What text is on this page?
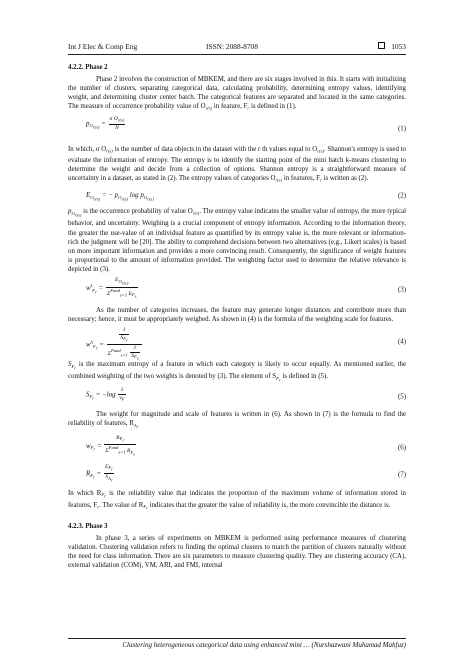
Int J Elec & Comp Eng	ISSN: 2088-8708	1053
4.2.2. Phase 2

Phase 2 involves the construction of MBKEM, and there are six stages involved in this. It starts with initializing the number of clusters, separating categorical data, calculating probability, determining entropy values, identifying weight, and determining cluster center batch. The categorical features are separated and located in the same categories. The measure of occurrence probability value of $O_{r(s)}$ in feature, $F_r$ is defined in (1).

$p_{O_{r(s)}} = \frac{\sigma O_{r(s)}}{N}$	(1)

In which, σ $O_{r(s)}$ is the number of data objects in the dataset with the r th values equal to $O_{r(s)}$. Shannon's entropy is used to evaluate the information of entropy. The entropy is to identify the starting point of the mini batch k-means clustering to determine the weight and decide from a collection of options. Shannon entropy is a straightforward measure of uncertainty in a dataset, as stated in (2). The entropy values of categories $O_{r(s)}$ in features, $F_r$ is written as (2).

$E_{O_{r(s)}}$ = − $p_{O_{r(s)}}$ $\log p_{O_{r(s)}}$	(2)

$p_{O_{r(s)}}$ is the occurrence probability of value $O_{r(s)}$. The entropy value indicates the smaller value of entropy, the more typical behavior, and uncertainty. Weighing is a crucial component of entropy information. According to the information theory, the greater the use-value of an individual feature as quantified by its entropy value is, the more relevant or information-rich the judgment will be [20]. The ability to comprehend decisions between two alternatives (e.g., Likert scales) is based on more important information and provides a more convincing result. Consequently, the significance of weight features is proportional to the amount of information provided. The weighting factor used to determine the relative relevance is depicted in (3).

$w^I_{F_r} = \frac{E_{O_{r(s)}}}{\Sigma^{Fand}_{s=1} E_{F_s}}$	(3)

As the number of categories increases, the feature may generate longer distances and contribute more than necessary; hence, it must be appropriately weighed. As shown in (4) is the formula of the weighting scale for features.

$w^S_{F_r} = \frac{\frac{1}{S_{F_r}}}{\Sigma^{Fand}_{s=1} \frac{1}{S_{F_s}}}$	(4)

$S_{F_r}$ is the maximum entropy of a feature in which each category is likely to occur equally. As mentioned earlier, the combined weighting of the two weights is denoted by (3). The element of $S_{F_r}$ is defined in (5).

$S_{F_r} = -\log \frac{1}{v_F}$	(5)

The weight for magnitude and scale of features is written in (6). As shown in (7) is the formula to find the reliability of features, $R_{A_r}$

$w_{F_r} = \frac{R_{F_r}}{\Sigma^{Fand}_{s=1} R_{F_s}}$	(6)
$R_{F_r} = \frac{E_{F_r}}{S_{A_r}}$	(7)

In which $R_{F_r}$ is the reliability value that indicates the proportion of the maximum volume of information stored in features, $F_r$. The value of $R_{F_r}$ indicates that the greater the value of reliability is, the more convincible the distance is.

4.2.3. Phase 3

In phase 3, a series of experiments on MBKEM is performed using performance measures of clustering validation. Clustering validation refers to finding the optimal clusters to match the partition of clusters naturally without the need for class information. There are six parameters to measure clustering quality. They are clustering accuracy (CA), external validation (COM), VM, ARI, and FMI, internal

Clustering heterogeneous categorical data using enhanced mini … (Nurshazwani Muhamad Mahfuz)
